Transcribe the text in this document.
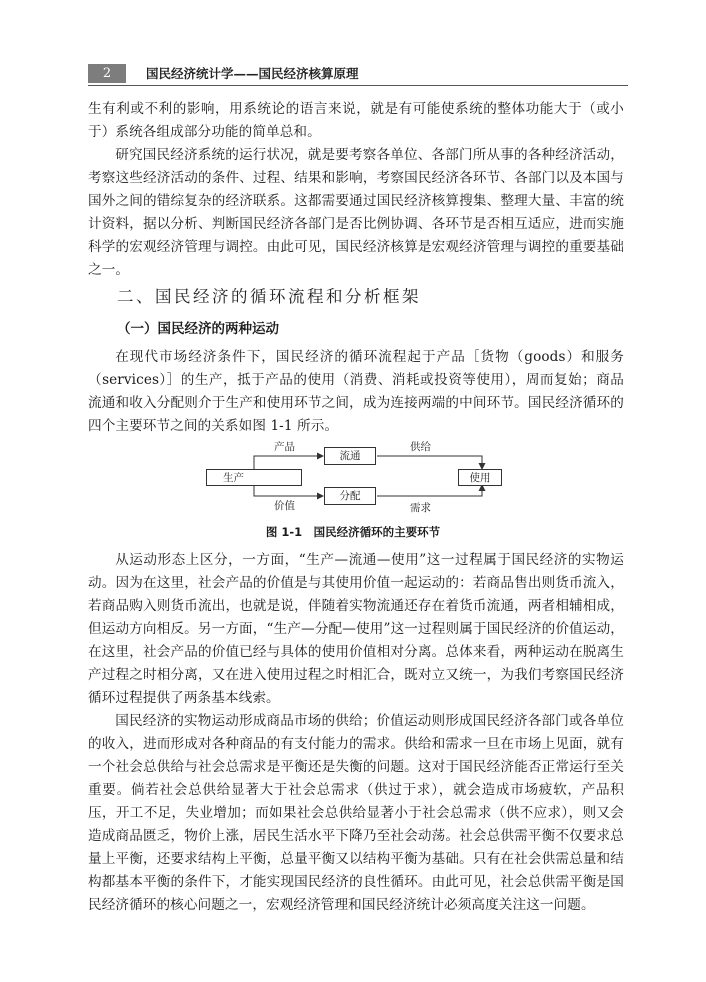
2	国民经济统计学——国民经济核算原理

生有利或不利的影响，用系统论的语言来说，就是有可能使系统的整体功能大于（或小于）系统各组成部分功能的简单总和。

研究国民经济系统的运行状况，就是要考察各单位、各部门所从事的各种经济活动，考察这些经济活动的条件、过程、结果和影响，考察国民经济各环节、各部门以及本国与国外之间的错综复杂的经济联系。这都需要通过国民经济核算搜集、整理大量、丰富的统计资料，据以分析、判断国民经济各部门是否比例协调、各环节是否相互适应，进而实施科学的宏观经济管理与调控。由此可见，国民经济核算是宏观经济管理与调控的重要基础之一。

二、国民经济的循环流程和分析框架
（一）国民经济的两种运动

在现代市场经济条件下，国民经济的循环流程起于产品［货物（goods）和服务（services）］的生产，抵于产品的使用（消费、消耗或投资等使用），周而复始；商品流通和收入分配则介于生产和使用环节之间，成为连接两端的中间环节。国民经济循环的四个主要环节之间的关系如图 1-1 所示。

生产
流通
分配
使用
产品	供给
价值	需求
图 1-1　国民经济循环的主要环节

从运动形态上区分，一方面，“生产—流通—使用”这一过程属于国民经济的实物运动。因为在这里，社会产品的价值是与其使用价值一起运动的：若商品售出则货币流入，若商品购入则货币流出，也就是说，伴随着实物流通还存在着货币流通，两者相辅相成，但运动方向相反。另一方面，“生产—分配—使用”这一过程则属于国民经济的价值运动，在这里，社会产品的价值已经与具体的使用价值相对分离。总体来看，两种运动在脱离生产过程之时相分离，又在进入使用过程之时相汇合，既对立又统一，为我们考察国民经济循环过程提供了两条基本线索。

国民经济的实物运动形成商品市场的供给；价值运动则形成国民经济各部门或各单位的收入，进而形成对各种商品的有支付能力的需求。供给和需求一旦在市场上见面，就有一个社会总供给与社会总需求是平衡还是失衡的问题。这对于国民经济能否正常运行至关重要。倘若社会总供给显著大于社会总需求（供过于求），就会造成市场疲软，产品积压，开工不足，失业增加；而如果社会总供给显著小于社会总需求（供不应求），则又会造成商品匮乏，物价上涨，居民生活水平下降乃至社会动荡。社会总供需平衡不仅要求总量上平衡，还要求结构上平衡，总量平衡又以结构平衡为基础。只有在社会供需总量和结构都基本平衡的条件下，才能实现国民经济的良性循环。由此可见，社会总供需平衡是国民经济循环的核心问题之一，宏观经济管理和国民经济统计必须高度关注这一问题。
